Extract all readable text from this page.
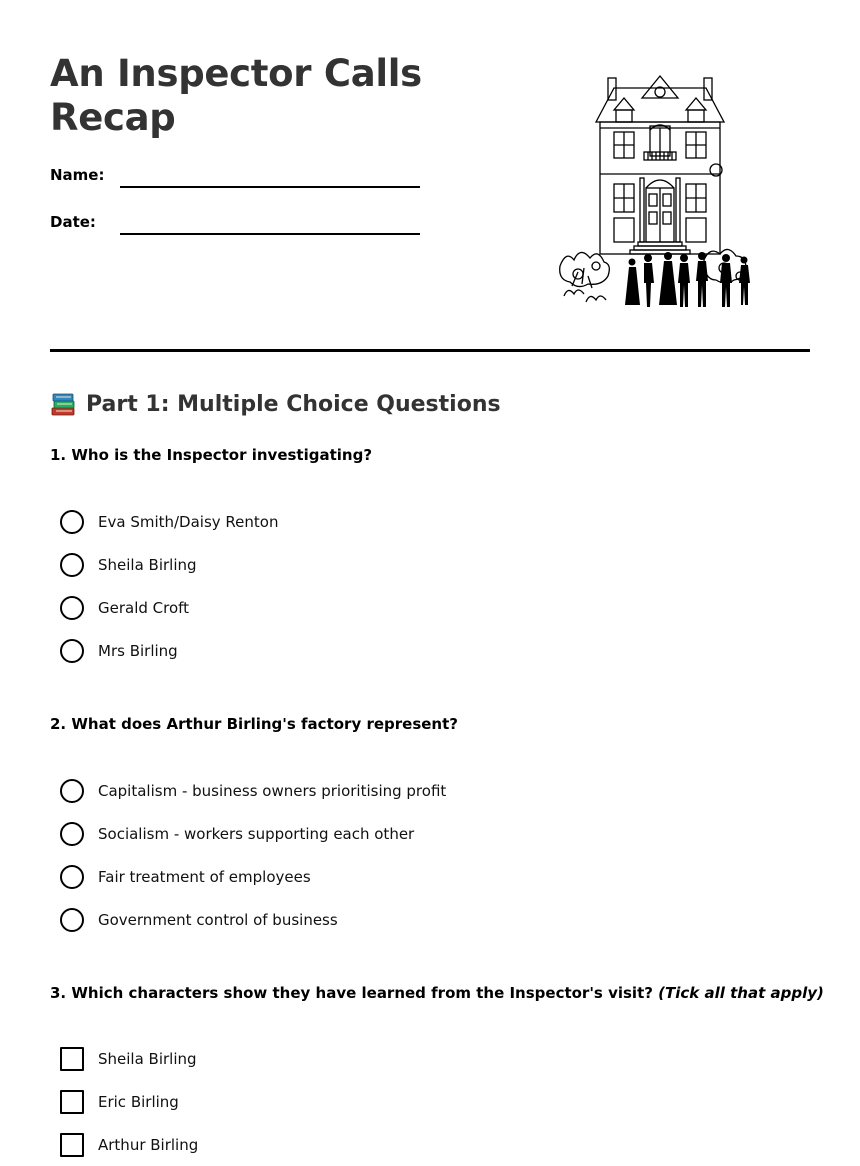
An Inspector Calls Recap
Name:
Date:
Part 1: Multiple Choice Questions

1. Who is the Inspector investigating?

Eva Smith/Daisy Renton
Sheila Birling
Gerald Croft
Mrs Birling

2. What does Arthur Birling's factory represent?

Capitalism - business owners prioritising profit
Socialism - workers supporting each other
Fair treatment of employees
Government control of business

3. Which characters show they have learned from the Inspector's visit? (Tick all that apply)

Sheila Birling
Eric Birling
Arthur Birling
